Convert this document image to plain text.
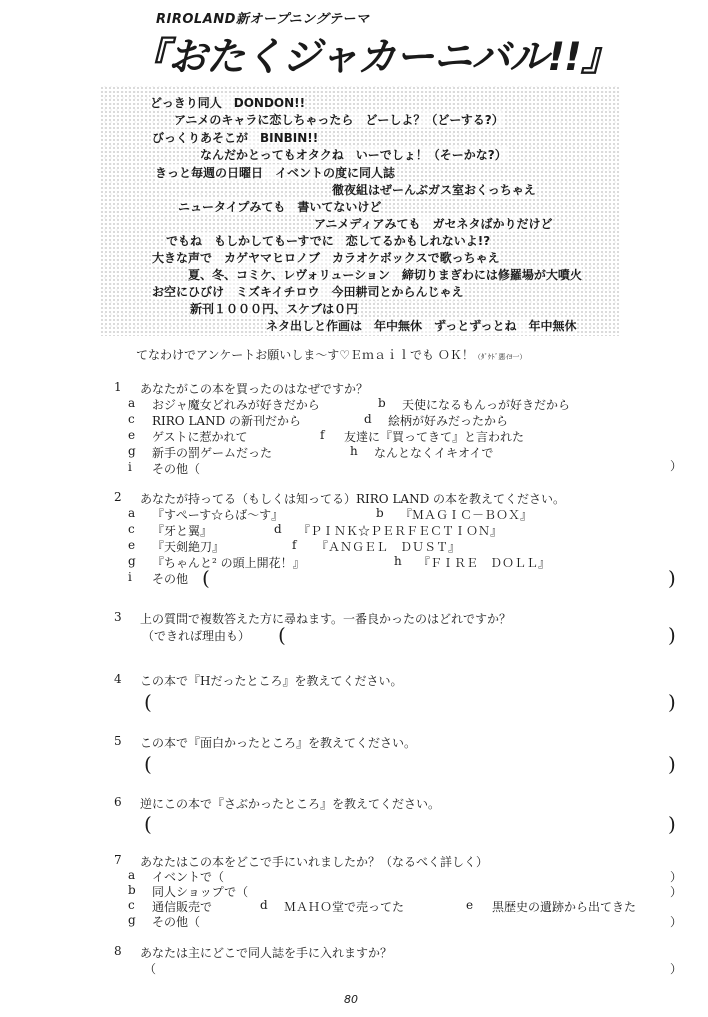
RIROLAND新オープニングテーマ
『おたくジャカーニバル!!』
どっきり同人　DONDON!!
アニメのキャラに恋しちゃったら　どーしよ？（どーする?）
びっくりあそこが　BINBIN!!
なんだかとってもオタクね　いーでしょ！（そーかな?）
きっと毎週の日曜日　イベントの度に同人誌
徹夜組はぜーんぶガス室おくっちゃえ
ニュータイプみても　書いてないけど
アニメディアみても　ガセネタばかりだけど
でもね　もしかしてもーすでに　恋してるかもしれないよ!?
大きな声で　カゲヤマヒロノブ　カラオケボックスで歌っちゃえ
夏、冬、コミケ、レヴォリューション　締切りまぎわには修羅場が大噴火
お空にひびけ　ミズキイチロウ　今田耕司とからんじゃえ
新刊１０００円、スケブは０円
ネタ出しと作画は　年中無休　ずっとずっとね　年中無休
てなわけでアンケートお願いしま～す♡Ｅｍａｉｌでも ＯＫ！（ﾀﾞｹﾄﾞ悪ｲﾖ一）
1 あなたがこの本を買ったのはなぜですか？
a おジャ魔女どれみが好きだから	b 天使になるもんっが好きだから
c RIRO LAND の新刊だから	d 絵柄が好みだったから
e ゲストに惹かれて	f 友達に『買ってきて』と言われた
g 新手の罰ゲームだった	h なんとなくイキオイで
i その他（	）
2 あなたが持ってる（もしくは知ってる）RIRO LAND の本を教えてください。
a 『すぺーす☆らば～す』	b 『ＭＡＧＩＣ－ＢＯＸ』
c 『牙と翼』	d 『ＰＩＮＫ☆ＰＥＲＦＥＣＴＩＯＮ』
e 『天剣絶刀』	f 『ＡＮＧＥＬ　ＤＵＳＴ』
g 『ちゃんと² の頭上開花！』	h 『ＦＩＲＥ　ＤＯＬＬ』
i その他 (	)
3 上の質問で複数答えた方に尋ねます。一番良かったのはどれですか？
（できれば理由も） (	)
4 この本で『Hだったところ』を教えてください。
(	)
5 この本で『面白かったところ』を教えてください。
(	)
6 逆にこの本で『さぶかったところ』を教えてください。
(	)
7 あなたはこの本をどこで手にいれましたか？（なるべく詳しく）
a イベントで（	）
b 同人ショップで（	）
c 通信販売で	d ＭＡＨＯ堂で売ってた	e 黒歴史の遺跡から出てきた
g その他（	）
8 あなたは主にどこで同人誌を手に入れますか？
（	）
80
